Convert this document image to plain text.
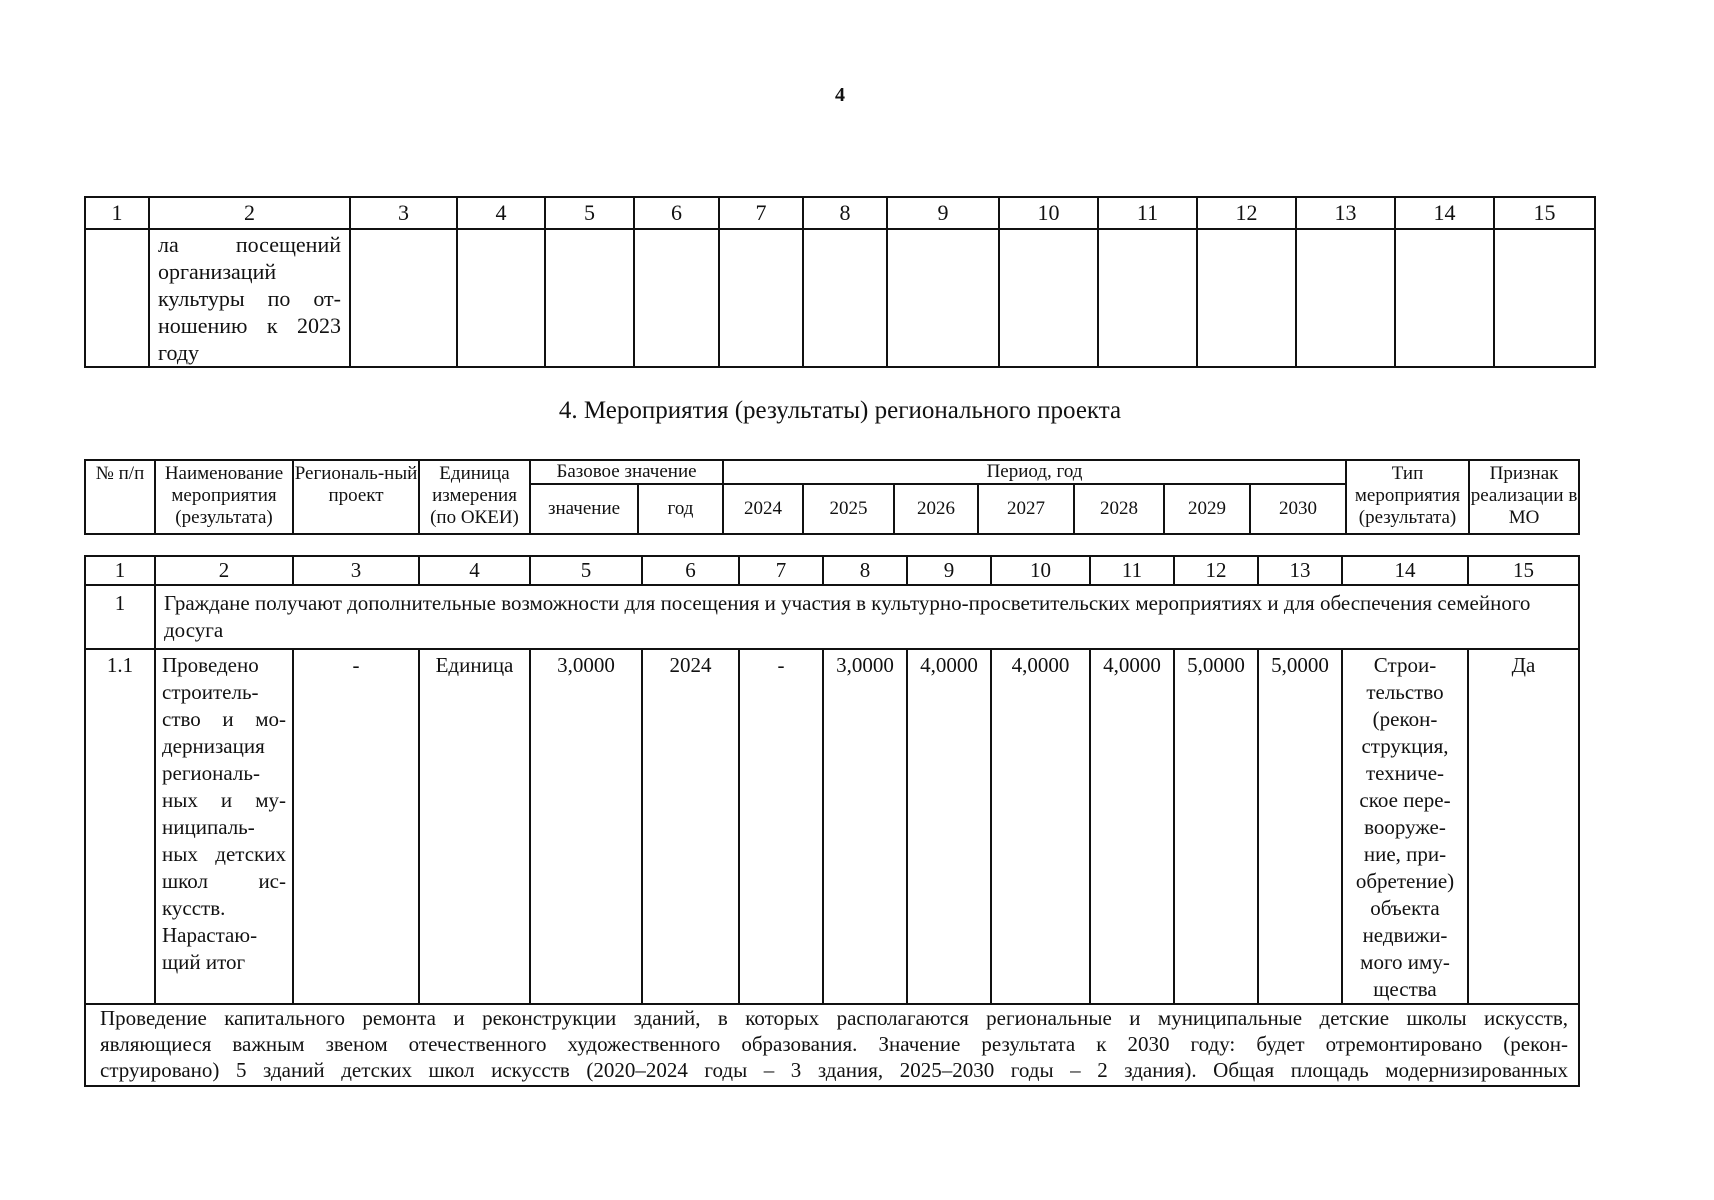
4
1	2	3	4	5	6	7	8	9	10	11	12	13	14	15

	ла посещений
организаций
культуры по от-
ношению к 2023
году													

4. Мероприятия (результаты) регионального проекта
№ п/п	Наименование мероприятия (результата)	Региональ-ный проект	Единица измерения (по ОКЕИ)	Базовое значение		Период, год							Тип мероприятия (результата)	Признак реализации в МО
				значение	год	2024	2025	2026	2027	2028	2029	2030		
1	2	3	4	5	6	7	8	9	10	11	12	13	14	15
1	Граждане получают дополнительные возможности для посещения и участия в культурно-просветительских мероприятиях и для обеспечения семейного досуга													
1.1	Проведено строитель-ство и мо-дернизация региональ-ных и му-ниципаль-ных детских школ ис-кусств. Нарастаю-щий итог	-	Единица	3,0000	2024	-	3,0000	4,0000	4,0000	4,0000	5,0000	5,0000	Строи-тельство (рекон-струкция, техниче-ское пере-вооруже-ние, при-обретение) объекта недвижи-мого иму-щества	Да

Проведение капитального ремонта и реконструкции зданий, в которых располагаются региональные и муниципальные детские школы искусств,
являющиеся важным звеном отечественного художественного образования. Значение результата к 2030 году: будет отремонтировано (рекон-
струировано) 5 зданий детских школ искусств (2020–2024 годы – 3 здания, 2025–2030 годы – 2 здания). Общая площадь модернизированных														
